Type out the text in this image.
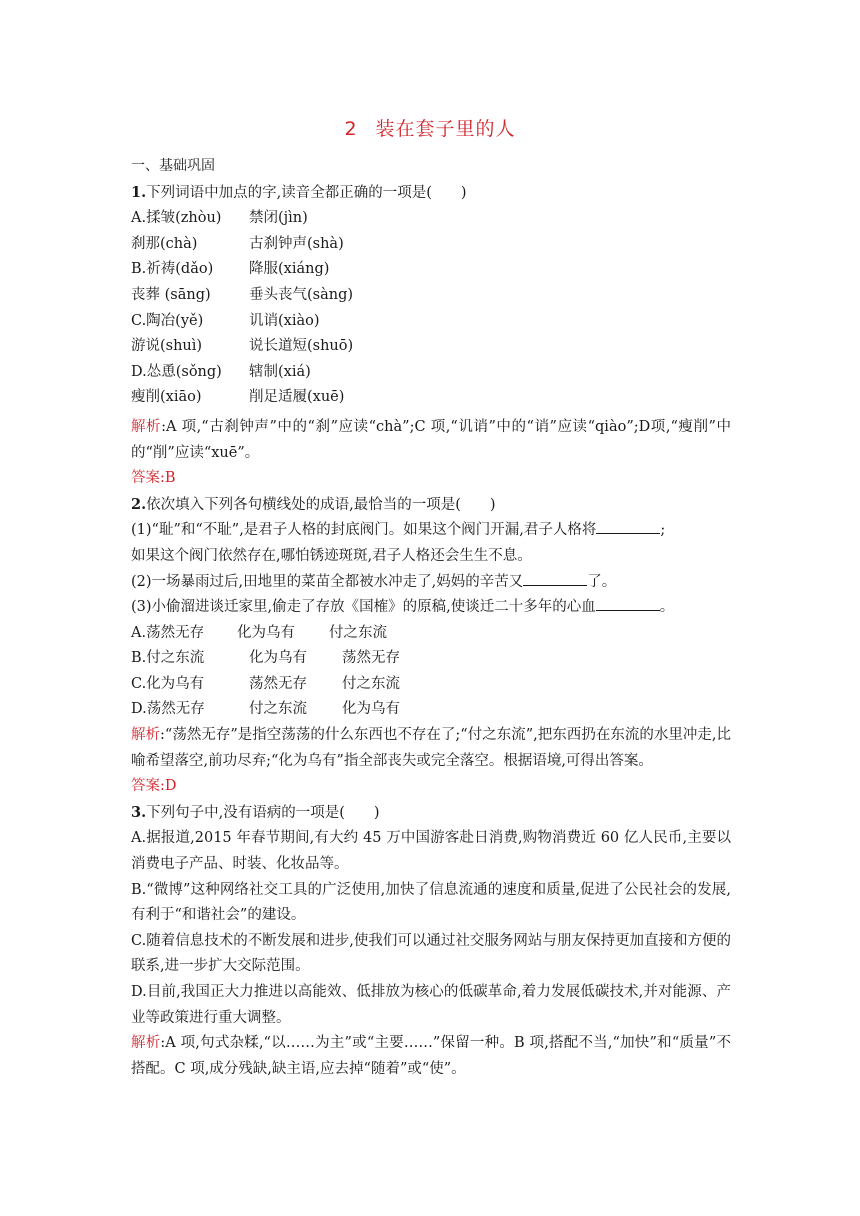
2 装在套子里的人
一、基础巩固
1.下列词语中加点的字,读音全都正确的一项是(　　)
A.揉皱(zhòu) 禁闭(jìn)
刹那(chà)	古刹钟声(shà)
B.祈祷(dǎo) 降服(xiáng)
丧葬 (sāng)	垂头丧气(sàng)
C.陶冶(yě)	讥诮(xiào)
游说(shuì)	说长道短(shuō)
D.怂恿(sǒng) 辖制(xiá)
瘦削(xiāo)	削足适履(xuē)
解析:A 项,“古刹钟声”中的“刹”应读“chà”;C 项,“讥诮”中的“诮”应读“qiào”;D项,“瘦削”中的“削”应读“xuē”。
答案:B
2.依次填入下列各句横线处的成语,最恰当的一项是(　　)
(1)“耻”和“不耻”,是君子人格的封底阀门。如果这个阀门开漏,君子人格将	;
如果这个阀门依然存在,哪怕锈迹斑斑,君子人格还会生生不息。
(2)一场暴雨过后,田地里的菜苗全都被水冲走了,妈妈的辛苦又	了。
(3)小偷溜进谈迁家里,偷走了存放《国榷》的原稿,使谈迁二十多年的心血	。
A.荡然无存 化为乌有 付之东流
B.付之东流	化为乌有 荡然无存
C.化为乌有	荡然无存 付之东流
D.荡然无存	付之东流 化为乌有
解析:“荡然无存”是指空荡荡的什么东西也不存在了;“付之东流”,把东西扔在东流的水里冲走,比喻希望落空,前功尽弃;“化为乌有”指全部丧失或完全落空。根据语境,可得出答案。
答案:D
3.下列句子中,没有语病的一项是(　　)
A.据报道,2015 年春节期间,有大约 45 万中国游客赴日消费,购物消费近 60 亿人民币,主要以消费电子产品、时装、化妆品等。
B.“微博”这种网络社交工具的广泛使用,加快了信息流通的速度和质量,促进了公民社会的发展,有利于“和谐社会”的建设。
C.随着信息技术的不断发展和进步,使我们可以通过社交服务网站与朋友保持更加直接和方便的联系,进一步扩大交际范围。
D.目前,我国正大力推进以高能效、低排放为核心的低碳革命,着力发展低碳技术,并对能源、产业等政策进行重大调整。
解析:A 项,句式杂糅,“以……为主”或“主要……”保留一种。B 项,搭配不当,“加快”和“质量”不搭配。C 项,成分残缺,缺主语,应去掉“随着”或“使”。
